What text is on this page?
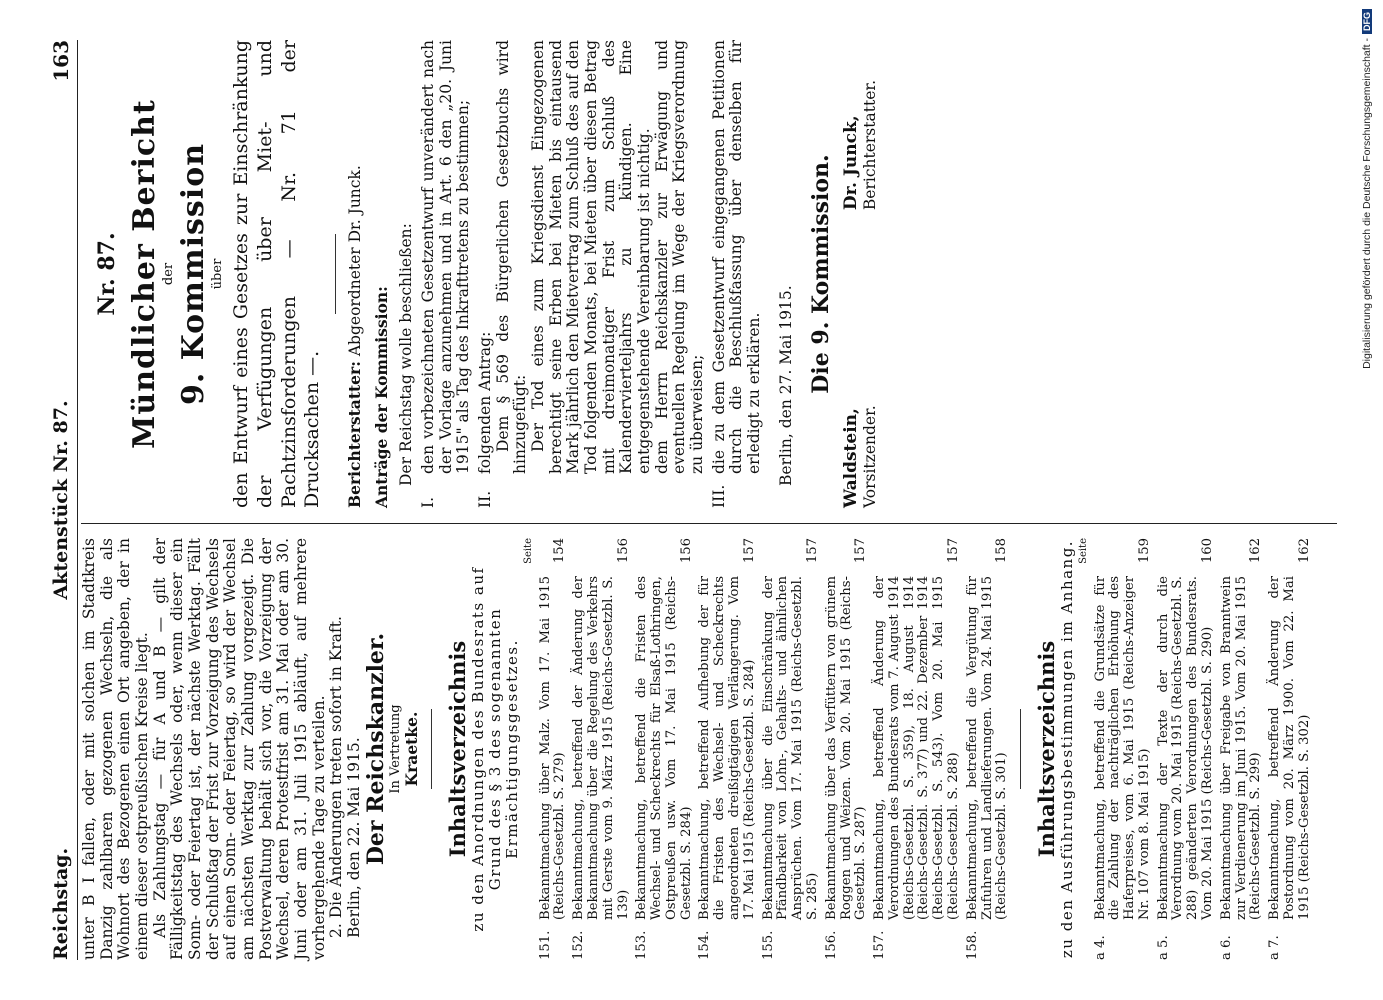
Reichstag.
Aktenstück Nr. 87.
163

unter B I fallen, oder mit solchen im Stadtkreis Danzig zahlbaren gezogenen Wechseln, die als Wohnort des Bezogenen einen Ort angeben, der in einem dieser ostpreußischen Kreise liegt. Als Zahlungstag — für A und B — gilt der Fälligkeitstag des Wechsels oder, wenn dieser ein Sonn- oder Feiertag ist, der nächste Werktag. Fällt der Schlußtag der Frist zur Vorzeigung des Wechsels auf einen Sonn- oder Feiertag, so wird der Wechsel am nächsten Werktag zur Zahlung vorgezeigt. Die Postverwaltung behält sich vor, die Vorzeigung der Wechsel, deren Protestfrist am 31. Mai oder am 30. Juni oder am 31. Juli 1915 abläuft, auf mehrere vorhergehende Tage zu verteilen. 2. Die Änderungen treten sofort in Kraft. Berlin, den 22. Mai 1915. Der Reichskanzler. In Vertretung Kraetke. Inhaltsverzeichnis
zu den Anordnungen des Bundesrats auf Grund des § 3 des sogenannten Ermächtigungsgesetzes.
Seite
151.
Bekanntmachung über Malz. Vom 17. Mai 1915 (Reichs-Gesetzbl. S. 279)
154
152.
Bekanntmachung, betreffend der Änderung der Bekanntmachung über die Regelung des Verkehrs mit Gerste vom 9. März 1915 (Reichs-Gesetzbl. S. 139)
156
153.
Bekanntmachung, betreffend die Fristen des Wechsel- und Scheckrechts für Elsaß-Lothringen, Ostpreußen usw. Vom 17. Mai 1915 (Reichs-Gesetzbl. S. 284)
156
154.
Bekanntmachung, betreffend Aufhebung der für die Fristen des Wechsel- und Scheckrechts angeordneten dreißigtägigen Verlängerung. Vom 17. Mai 1915 (Reichs-Gesetzbl. S. 284)
157
155.
Bekanntmachung über die Einschränkung der Pfändbarkeit von Lohn-, Gehalts- und ähnlichen Ansprüchen. Vom 17. Mai 1915 (Reichs-Gesetzbl. S. 285)
157
156.
Bekanntmachung über das Verfüttern von grünem Roggen und Weizen. Vom 20. Mai 1915 (Reichs-Gesetzbl. S. 287)
157
157.
Bekanntmachung, betreffend Änderung der Verordnungen des Bundesrats vom 7. August 1914 (Reichs-Gesetzbl. S. 359), 18. August 1914 (Reichs-Gesetzbl. S. 377) und 22. Dezember 1914 (Reichs-Gesetzbl. S. 543). Vom 20. Mai 1915 (Reichs-Gesetzbl. S. 288)
157
158.
Bekanntmachung, betreffend die Vergütung für Zufuhren und Landlieferungen. Vom 24. Mai 1915 (Reichs-Gesetzbl. S. 301)
158
Inhaltsverzeichnis
zu den Ausführungsbestimmungen im Anhang. Seite
a 4.
Bekanntmachung, betreffend die Grundsätze für die Zahlung der nachträglichen Erhöhung des Haferpreises, vom 6. Mai 1915 (Reichs-Anzeiger Nr. 107 vom 8. Mai 1915)
159
a 5.
Bekanntmachung der Texte der durch die Verordnung vom 20. Mai 1915 (Reichs-Gesetzbl. S. 288) geänderten Verordnungen des Bundesrats. Vom 20. Mai 1915 (Reichs-Gesetzbl. S. 290)
160
a 6.
Bekanntmachung über Freigabe von Branntwein zur Verdienerung im Juni 1915. Vom 20. Mai 1915 (Reichs-Gesetzbl. S. 299)
162
a 7.
Bekanntmachung, betreffend Änderung der Postordnung vom 20. März 1900. Vom 22. Mai 1915 (Reichs-Gesetzbl. S. 302)
162

Nr. 87. Mündlicher Bericht der 9. Kommission über den Entwurf eines Gesetzes zur Einschränkung der Verfügungen über Miet- und Pachtzinsforderungen — Nr. 71 der Drucksachen —. Berichterstatter: Abgeordneter Dr. Junck.

Anträge der Kommission: Der Reichstag wolle beschließen:

I.
den vorbezeichneten Gesetzentwurf unverändert nach der Vorlage anzunehmen und in Art. 6 den „20. Juni 1915" als Tag des Inkrafttretens zu bestimmen;
II.
folgenden Antrag: Dem § 569 des Bürgerlichen Gesetzbuchs wird hinzugefügt: Der Tod eines zum Kriegsdienst Eingezogenen berechtigt seine Erben bei Mieten bis eintausend Mark jährlich den Mietvertrag zum Schluß des auf den Tod folgenden Monats, bei Mieten über diesen Betrag mit dreimonatiger Frist zum Schluß des Kalendervierteljahrs zu kündigen. Eine entgegenstehende Vereinbarung ist nichtig. dem Herrn Reichskanzler zur Erwägung und eventuellen Regelung im Wege der Kriegsverordnung zu überweisen;
III.
die zu dem Gesetzentwurf eingegangenen Petitionen durch die Beschlußfassung über denselben für erledigt zu erklären. Berlin, den 27. Mai 1915. Die 9. Kommission.

Waldstein, Vorsitzender.
Dr. Junck, Berichterstatter.	Digitalisierung gefördert durch die Deutsche Forschungsgemeinschaft -DFG
